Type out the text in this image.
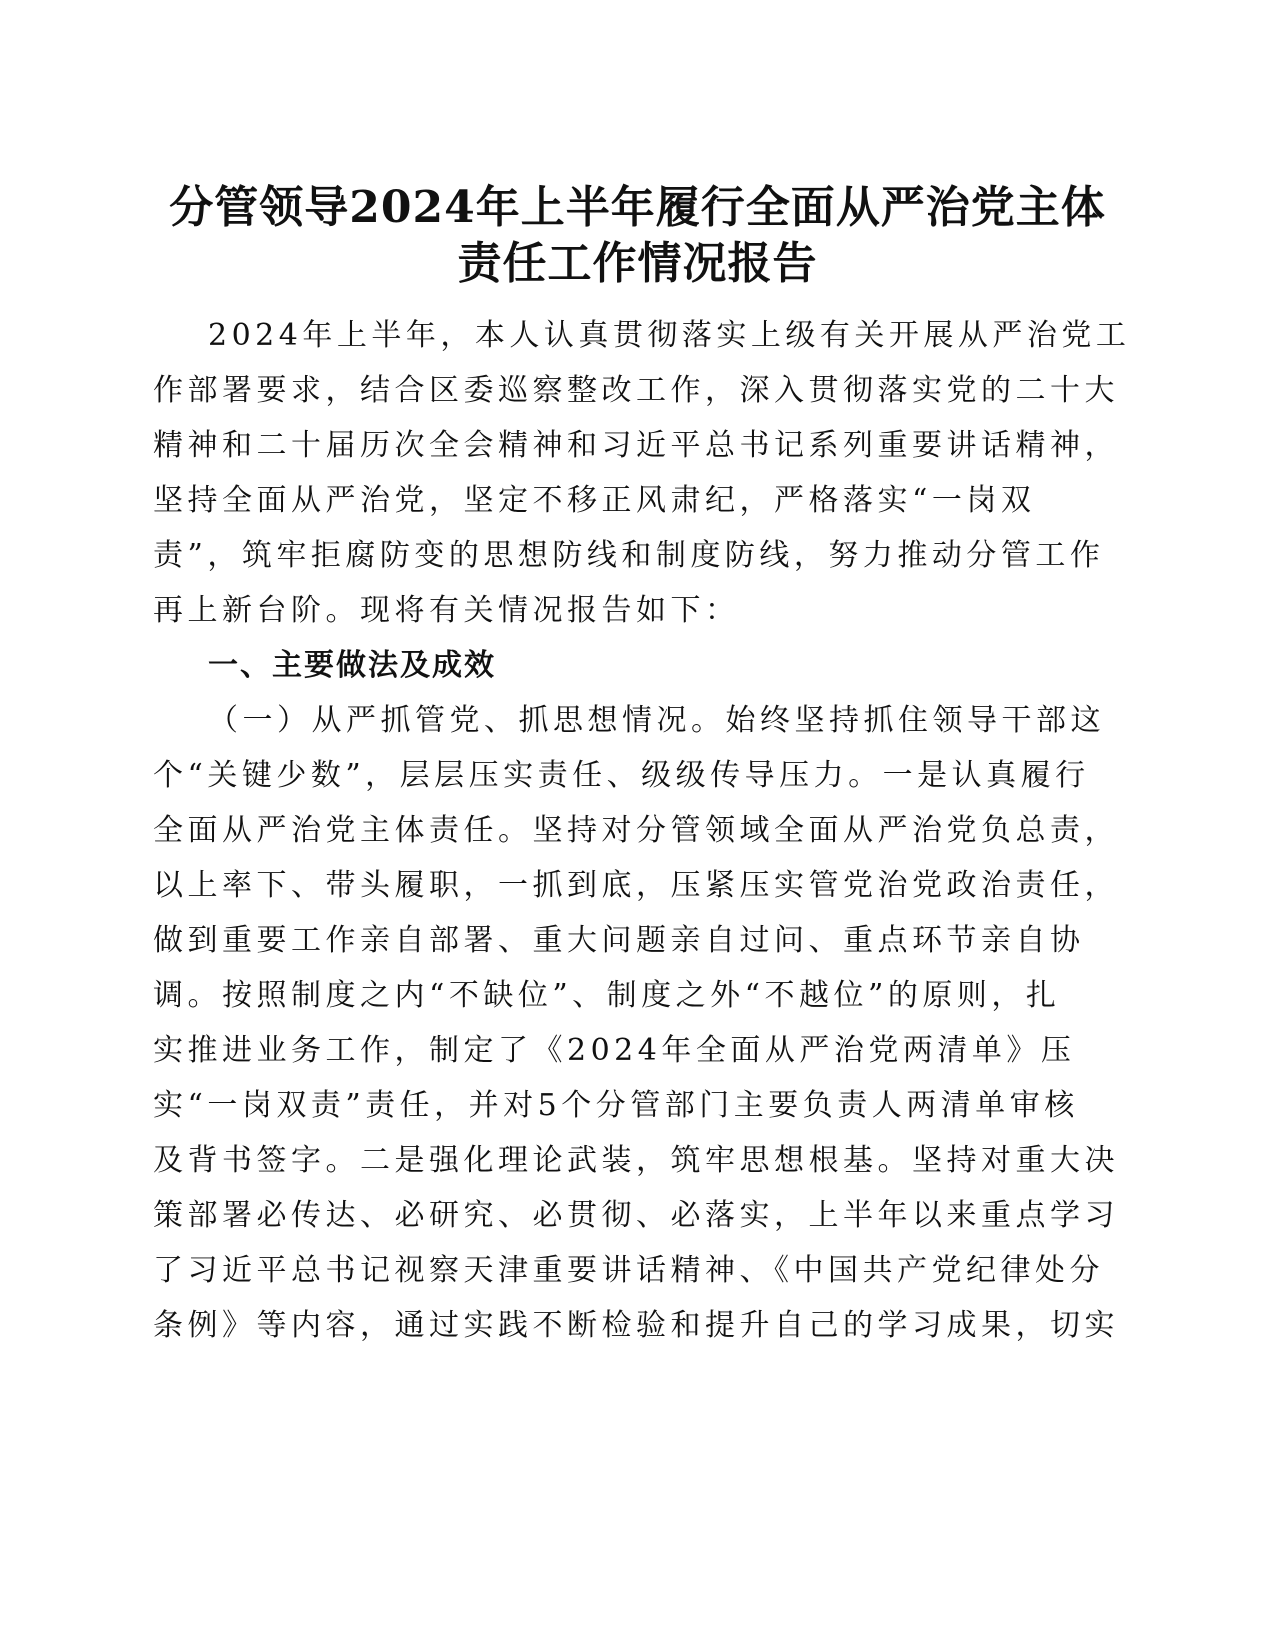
分管领导2024年上半年履行全面从严治党主体
责任工作情况报告
2024年上半年，本人认真贯彻落实上级有关开展从严治党工
作部署要求，结合区委巡察整改工作，深入贯彻落实党的二十大
精神和二十届历次全会精神和习近平总书记系列重要讲话精神，
坚持全面从严治党，坚定不移正风肃纪，严格落实“一岗双
责”，筑牢拒腐防变的思想防线和制度防线，努力推动分管工作
再上新台阶。现将有关情况报告如下：
一、主要做法及成效
（一）从严抓管党、抓思想情况。始终坚持抓住领导干部这
个“关键少数”，层层压实责任、级级传导压力。一是认真履行
全面从严治党主体责任。坚持对分管领域全面从严治党负总责，
以上率下、带头履职，一抓到底，压紧压实管党治党政治责任，
做到重要工作亲自部署、重大问题亲自过问、重点环节亲自协
调。按照制度之内“不缺位”、制度之外“不越位”的原则，扎
实推进业务工作，制定了《2024年全面从严治党两清单》压
实“一岗双责”责任，并对5个分管部门主要负责人两清单审核
及背书签字。二是强化理论武装，筑牢思想根基。坚持对重大决
策部署必传达、必研究、必贯彻、必落实，上半年以来重点学习
了习近平总书记视察天津重要讲话精神、《中国共产党纪律处分
条例》等内容，通过实践不断检验和提升自己的学习成果，切实
